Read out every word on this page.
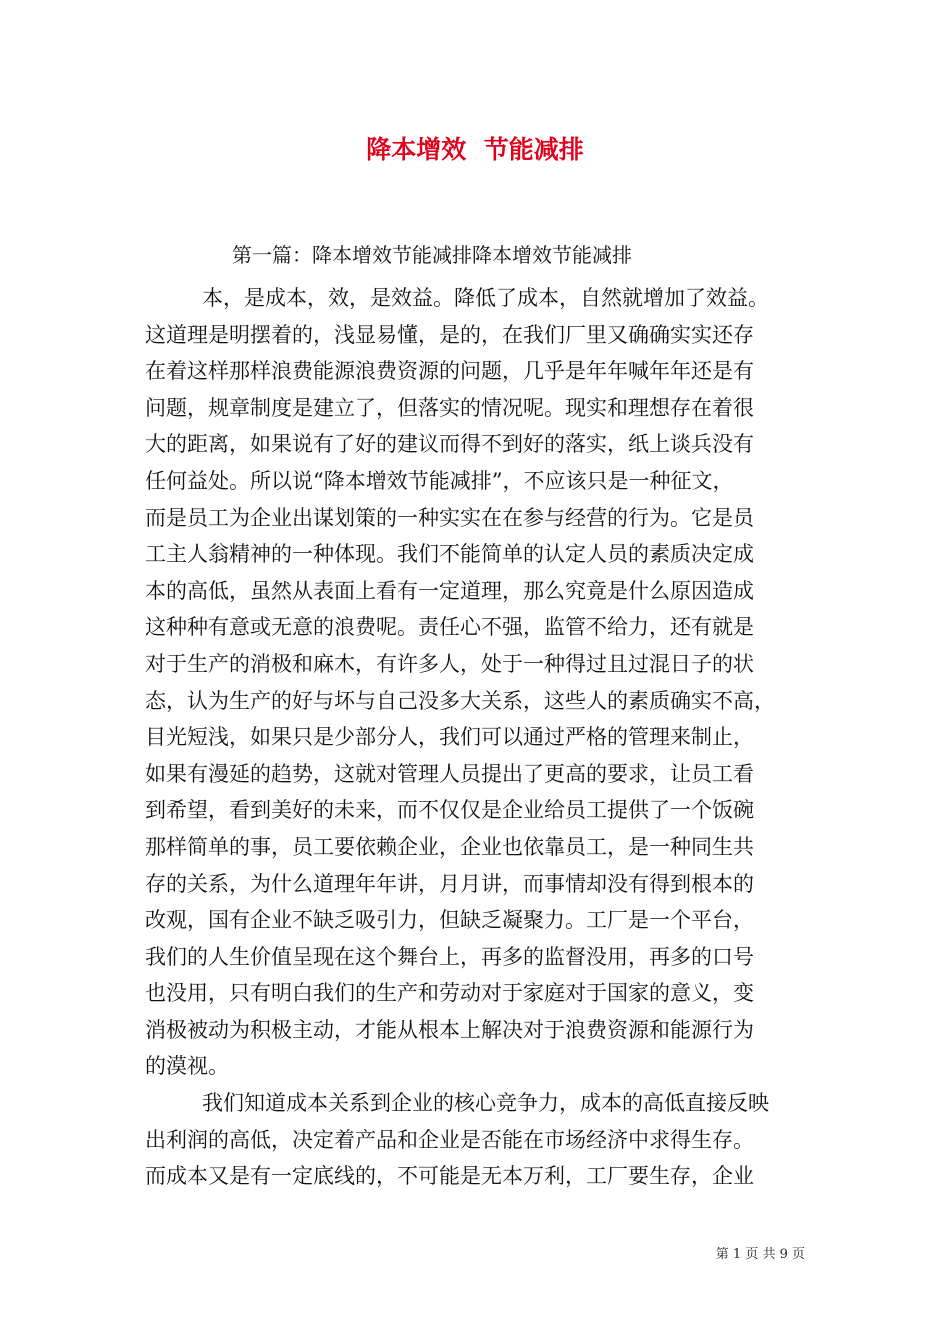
降本增效  节能减排
第一篇：降本增效节能减排降本增效节能减排
本，是成本，效，是效益。降低了成本，自然就增加了效益。
这道理是明摆着的，浅显易懂，是的，在我们厂里又确确实实还存
在着这样那样浪费能源浪费资源的问题，几乎是年年喊年年还是有
问题，规章制度是建立了，但落实的情况呢。现实和理想存在着很
大的距离，如果说有了好的建议而得不到好的落实，纸上谈兵没有
任何益处。所以说“降本增效节能减排”，不应该只是一种征文，
而是员工为企业出谋划策的一种实实在在参与经营的行为。它是员
工主人翁精神的一种体现。我们不能简单的认定人员的素质决定成
本的高低，虽然从表面上看有一定道理，那么究竟是什么原因造成
这种种有意或无意的浪费呢。责任心不强，监管不给力，还有就是
对于生产的消极和麻木，有许多人，处于一种得过且过混日子的状
态，认为生产的好与坏与自己没多大关系，这些人的素质确实不高，
目光短浅，如果只是少部分人，我们可以通过严格的管理来制止，
如果有漫延的趋势，这就对管理人员提出了更高的要求，让员工看
到希望，看到美好的未来，而不仅仅是企业给员工提供了一个饭碗
那样简单的事，员工要依赖企业，企业也依靠员工，是一种同生共
存的关系，为什么道理年年讲，月月讲，而事情却没有得到根本的
改观，国有企业不缺乏吸引力，但缺乏凝聚力。工厂是一个平台，
我们的人生价值呈现在这个舞台上，再多的监督没用，再多的口号
也没用，只有明白我们的生产和劳动对于家庭对于国家的意义，变
消极被动为积极主动，才能从根本上解决对于浪费资源和能源行为
的漠视。
我们知道成本关系到企业的核心竞争力，成本的高低直接反映
出利润的高低，决定着产品和企业是否能在市场经济中求得生存。
而成本又是有一定底线的，不可能是无本万利，工厂要生存，企业
第 1 页 共 9 页
